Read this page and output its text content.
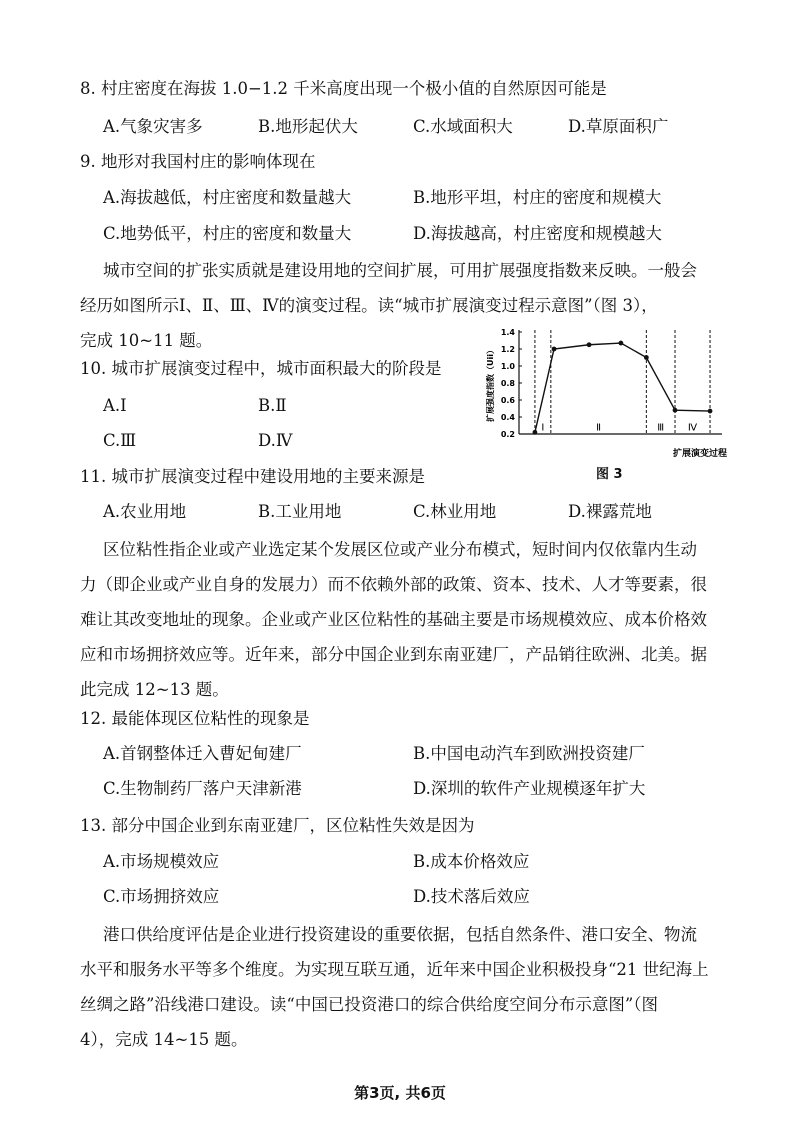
8. 村庄密度在海拔 1.0−1.2 千米高度出现一个极小值的自然原因可能是
A.气象灾害多	B.地形起伏大	C.水域面积大	D.草原面积广
9. 地形对我国村庄的影响体现在
A.海拔越低，村庄密度和数量越大	B.地形平坦，村庄的密度和规模大
C.地势低平，村庄的密度和数量大	D.海拔越高，村庄密度和规模越大
城市空间的扩张实质就是建设用地的空间扩展，可用扩展强度指数来反映。一般会
经历如图所示Ⅰ、Ⅱ、Ⅲ、Ⅳ的演变过程。读“城市扩展演变过程示意图”（图 3），
完成 10~11 题。
10. 城市扩展演变过程中，城市面积最大的阶段是
A.Ⅰ	B.Ⅱ
C.Ⅲ	D.Ⅳ	0.2
0.4
0.6
0.8
1.0
1.2
1.4
Ⅰ	Ⅱ	Ⅲ Ⅳ
扩展强度指数（Uii）
扩展演变过程
图 3
11. 城市扩展演变过程中建设用地的主要来源是
A.农业用地	B.工业用地	C.林业用地	D.裸露荒地
区位粘性指企业或产业选定某个发展区位或产业分布模式，短时间内仅依靠内生动
力（即企业或产业自身的发展力）而不依赖外部的政策、资本、技术、人才等要素，很
难让其改变地址的现象。企业或产业区位粘性的基础主要是市场规模效应、成本价格效
应和市场拥挤效应等。近年来，部分中国企业到东南亚建厂，产品销往欧洲、北美。据
此完成 12~13 题。
12. 最能体现区位粘性的现象是
A.首钢整体迁入曹妃甸建厂	B.中国电动汽车到欧洲投资建厂
C.生物制药厂落户天津新港	D.深圳的软件产业规模逐年扩大
13. 部分中国企业到东南亚建厂，区位粘性失效是因为
A.市场规模效应	B.成本价格效应
C.市场拥挤效应	D.技术落后效应
港口供给度评估是企业进行投资建设的重要依据，包括自然条件、港口安全、物流
水平和服务水平等多个维度。为实现互联互通，近年来中国企业积极投身“21 世纪海上
丝绸之路”沿线港口建设。读“中国已投资港口的综合供给度空间分布示意图”（图
4），完成 14~15 题。
第3页, 共6页
